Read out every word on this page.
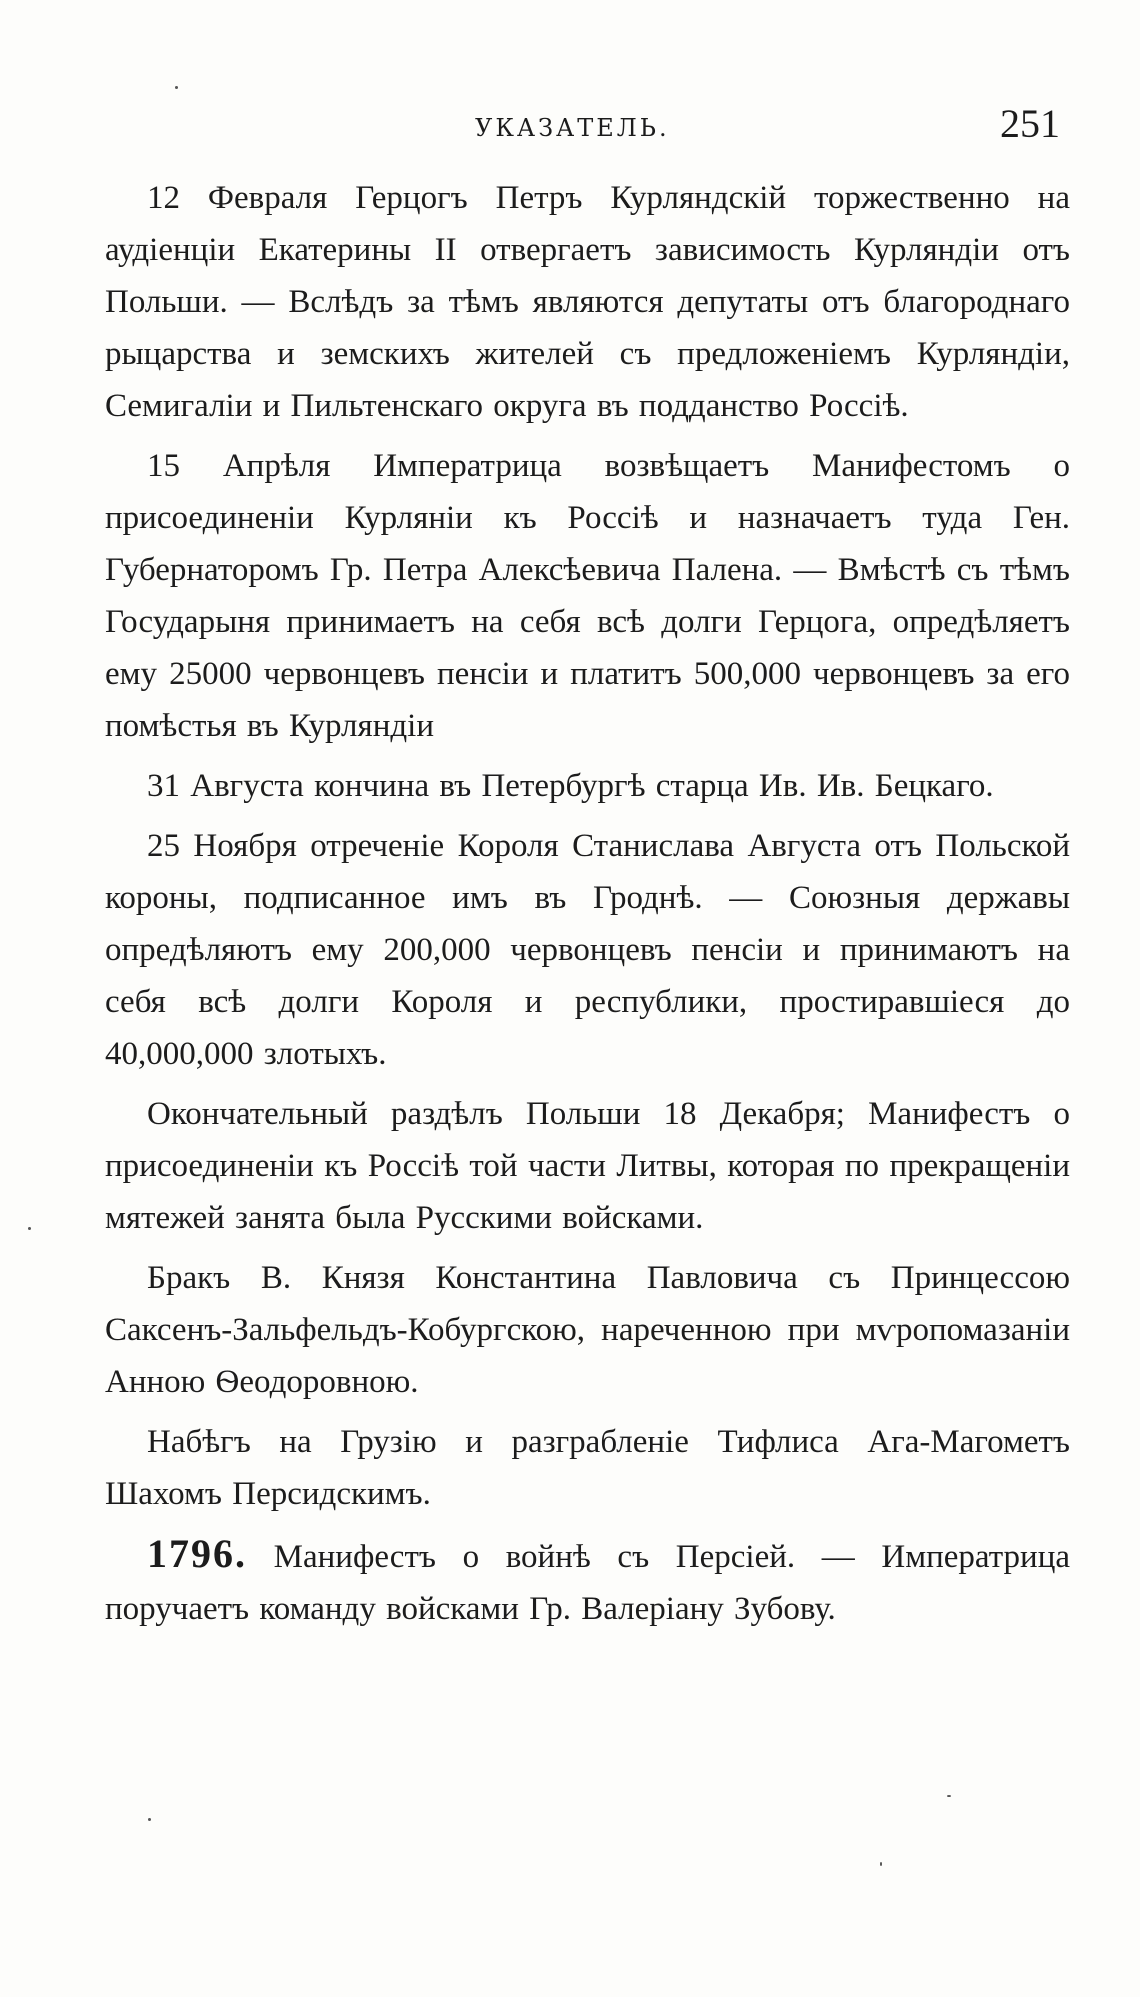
УКАЗАТЕЛЬ.	251

12 Февраля Герцогъ Петръ Курляндскій торжественно на аудіенціи Екатерины II отвергаетъ зависимость Курляндіи отъ Польши. — Вслѣдъ за тѣмъ являются депутаты отъ благороднаго рыцарства и земскихъ жителей съ предложеніемъ Курляндіи, Семигаліи и Пильтенскаго округа въ подданство Россіѣ.

15 Апрѣля Императрица возвѣщаетъ Манифестомъ о присоединеніи Курляніи къ Россіѣ и назначаетъ туда Ген. Губернаторомъ Гр. Петра Алексѣевича Палена. — Вмѣстѣ съ тѣмъ Государыня принимаетъ на себя всѣ долги Герцога, опредѣляетъ ему 25000 червонцевъ пенсіи и платитъ 500,000 червонцевъ за его помѣстья въ Курляндіи

31 Августа кончина въ Петербургѣ старца Ив. Ив. Бецкаго.

25 Ноября отреченіе Короля Станислава Августа отъ Польской короны, подписанное имъ въ Гроднѣ. — Союзныя державы опредѣляютъ ему 200,000 червонцевъ пенсіи и принимаютъ на себя всѣ долги Короля и республики, простиравшіеся до 40,000,000 злотыхъ.

Окончательный раздѣлъ Польши 18 Декабря; Манифестъ о присоединеніи къ Россіѣ той части Литвы, которая по прекращеніи мятежей занята была Русскими войсками.

Бракъ В. Князя Константина Павловича съ Принцессою Саксенъ-Зальфельдъ-Кобургскою, нареченною при мѵропомазаніи Анною Ѳеодоровною.

Набѣгъ на Грузію и разграбленіе Тифлиса Ага-Магометъ Шахомъ Персидскимъ.

1796. Манифестъ о войнѣ съ Персіей. — Императрица поручаетъ команду войсками Гр. Валеріану Зубову.
